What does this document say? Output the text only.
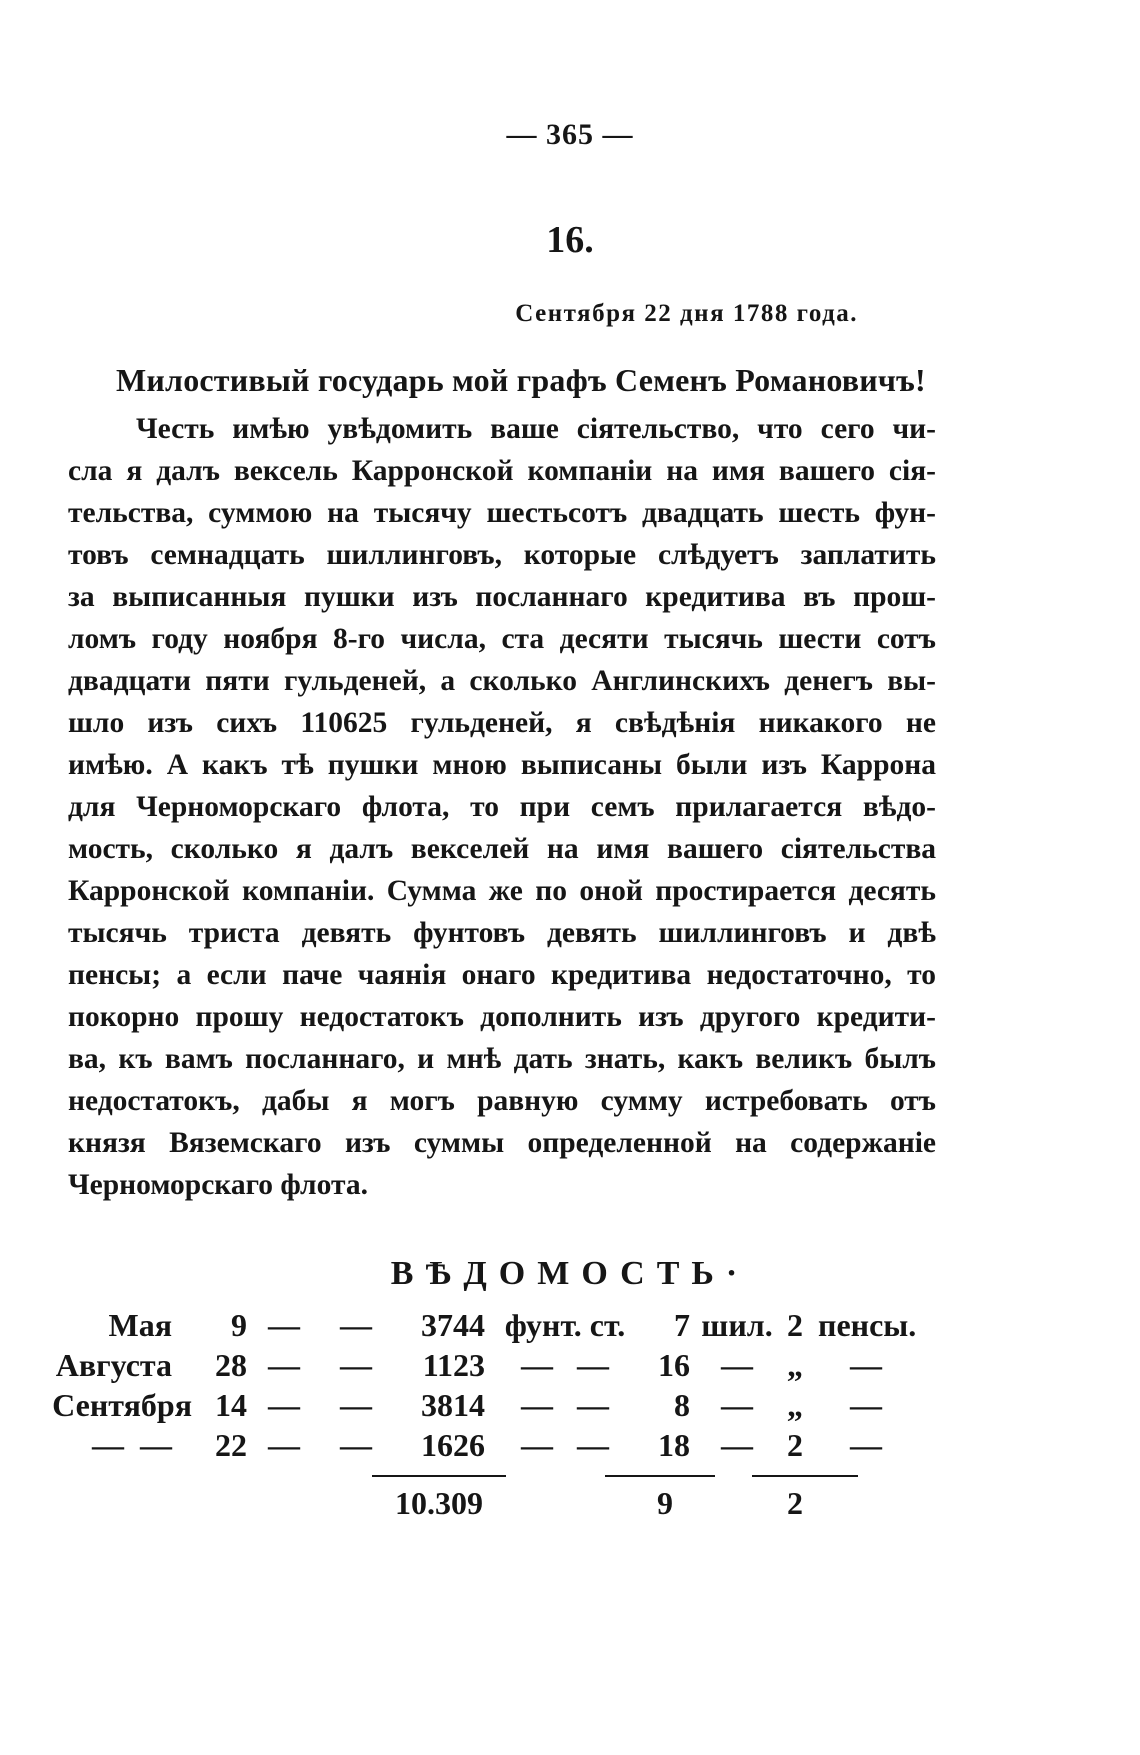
— 365 —
16.
Сентября 22 дня 1788 года.
Милостивый государь мой графъ Семенъ Романовичъ!
Честь имѣю увѣдомить ваше сіятельство, что сего чи-
сла я далъ вексель Карронской компаніи на имя вашего сія-
тельства, суммою на тысячу шестьсотъ двадцать шесть фун-
товъ семнадцать шиллинговъ, которые слѣдуетъ заплатить
за выписанныя пушки изъ посланнаго кредитива въ прош-
ломъ году ноября 8-го числа, ста десяти тысячь шести сотъ
двадцати пяти гульденей, а сколько Англинскихъ денегъ вы-
шло изъ сихъ 110625 гульденей, я свѣдѣнія никакого не
имѣю. А какъ тѣ пушки мною выписаны были изъ Каррона
для Черноморскаго флота, то при семъ прилагается вѣдо-
мость, сколько я далъ векселей на имя вашего сіятельства
Карронской компаніи. Сумма же по оной простирается десять
тысячь триста девять фунтовъ девять шиллинговъ и двѣ
пенсы; а если паче чаянія онаго кредитива недостаточно, то
покорно прошу недостатокъ дополнить изъ другого кредити-
ва, къ вамъ посланнаго, и мнѣ дать знать, какъ великъ былъ
недостатокъ, дабы я могъ равную сумму истребовать отъ
князя Вяземскаго изъ суммы определенной на содержаніе
Черноморскаго флота.
ВѢДОМОСТЬ·
Мая	9 — —	3744 фунт. ст.	7 шил. 2 пенсы.
Августа	28 — —	1123	—   —	16 —	„ —
Сентября 14 — —	3814	—   —	8 —	„ —
—  —	22 — —	1626	—   —	18 —	2 —
10.309	9	2
